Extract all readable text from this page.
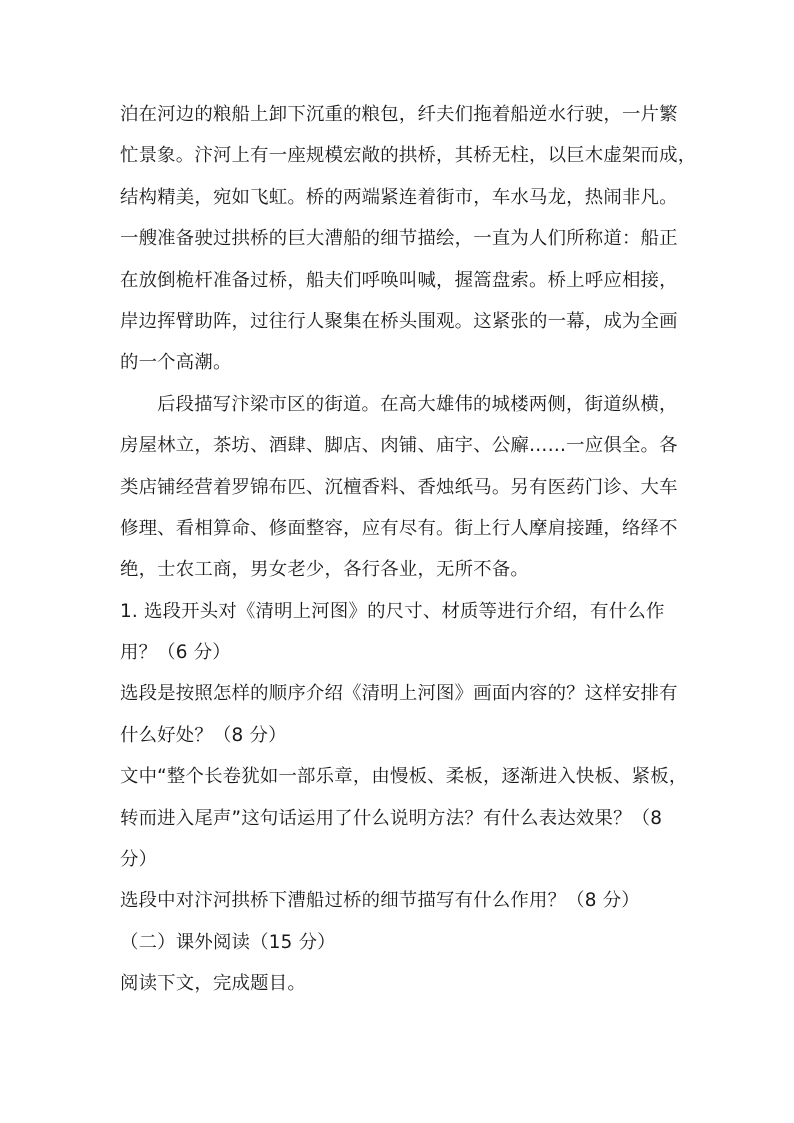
泊在河边的粮船上卸下沉重的粮包，纤夫们拖着船逆水行驶，一片繁
忙景象。汴河上有一座规模宏敞的拱桥，其桥无柱，以巨木虚架而成，
结构精美，宛如飞虹。桥的两端紧连着街市，车水马龙，热闹非凡。
一艘准备驶过拱桥的巨大漕船的细节描绘，一直为人们所称道：船正
在放倒桅杆准备过桥，船夫们呼唤叫喊，握篙盘索。桥上呼应相接，
岸边挥臂助阵，过往行人聚集在桥头围观。这紧张的一幕，成为全画
的一个高潮。
后段描写汴梁市区的街道。在高大雄伟的城楼两侧，街道纵横，
房屋林立，茶坊、酒肆、脚店、肉铺、庙宇、公廨……一应俱全。各
类店铺经营着罗锦布匹、沉檀香料、香烛纸马。另有医药门诊、大车
修理、看相算命、修面整容，应有尽有。街上行人摩肩接踵，络绎不
绝，士农工商，男女老少，各行各业，无所不备。
1. 选段开头对《清明上河图》的尺寸、材质等进行介绍，有什么作
用？（6 分）
选段是按照怎样的顺序介绍《清明上河图》画面内容的？这样安排有
什么好处？（8 分）
文中“整个长卷犹如一部乐章，由慢板、柔板，逐渐进入快板、紧板，
转而进入尾声”这句话运用了什么说明方法？有什么表达效果？（8
分）
选段中对汴河拱桥下漕船过桥的细节描写有什么作用？（8 分）
（二）课外阅读（15 分）
阅读下文，完成题目。
